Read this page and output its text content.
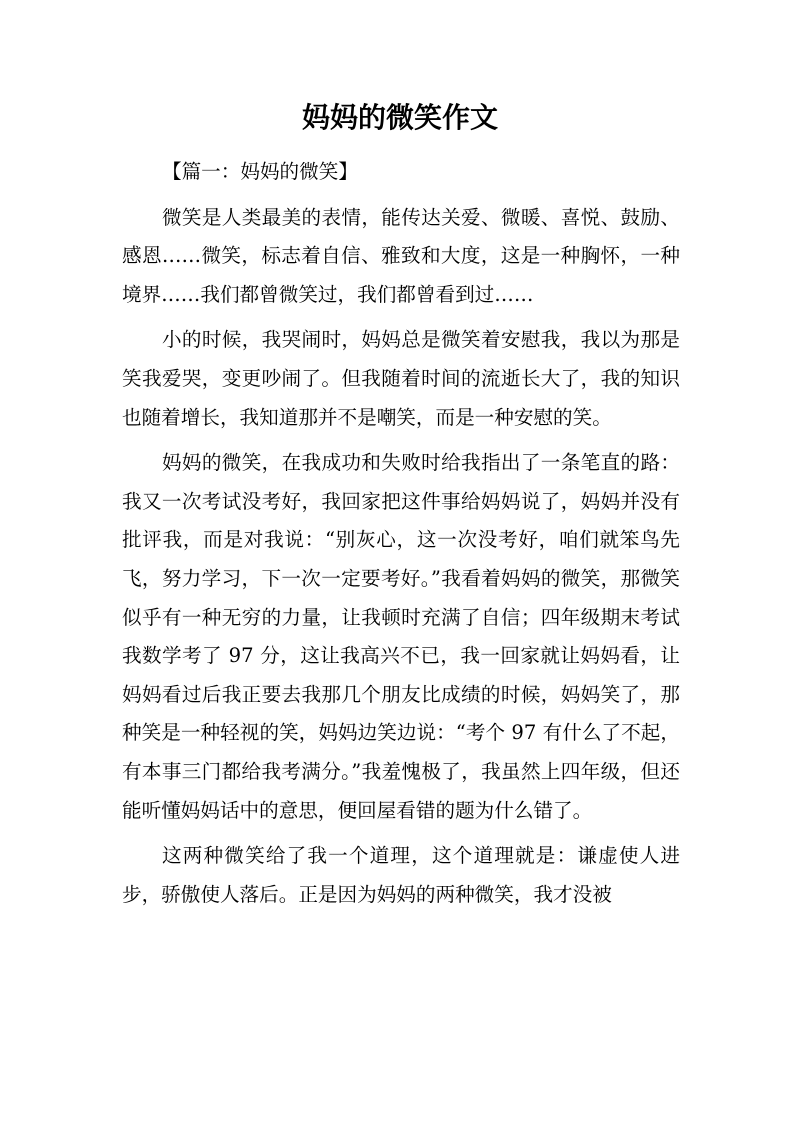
妈妈的微笑作文

【篇一：妈妈的微笑】

微笑是人类最美的表情，能传达关爱、微暖、喜悦、鼓励、感恩……微笑，标志着自信、雅致和大度，这是一种胸怀，一种境界……我们都曾微笑过，我们都曾看到过……

小的时候，我哭闹时，妈妈总是微笑着安慰我，我以为那是笑我爱哭，变更吵闹了。但我随着时间的流逝长大了，我的知识也随着增长，我知道那并不是嘲笑，而是一种安慰的笑。

妈妈的微笑，在我成功和失败时给我指出了一条笔直的路：我又一次考试没考好，我回家把这件事给妈妈说了，妈妈并没有批评我，而是对我说：“别灰心，这一次没考好，咱们就笨鸟先飞，努力学习，下一次一定要考好。”我看着妈妈的微笑，那微笑似乎有一种无穷的力量，让我顿时充满了自信；四年级期末考试我数学考了 97 分，这让我高兴不已，我一回家就让妈妈看，让妈妈看过后我正要去我那几个朋友比成绩的时候，妈妈笑了，那种笑是一种轻视的笑，妈妈边笑边说：“考个 97 有什么了不起，有本事三门都给我考满分。”我羞愧极了，我虽然上四年级，但还能听懂妈妈话中的意思，便回屋看错的题为什么错了。

这两种微笑给了我一个道理，这个道理就是：谦虚使人进步，骄傲使人落后。正是因为妈妈的两种微笑，我才没被
